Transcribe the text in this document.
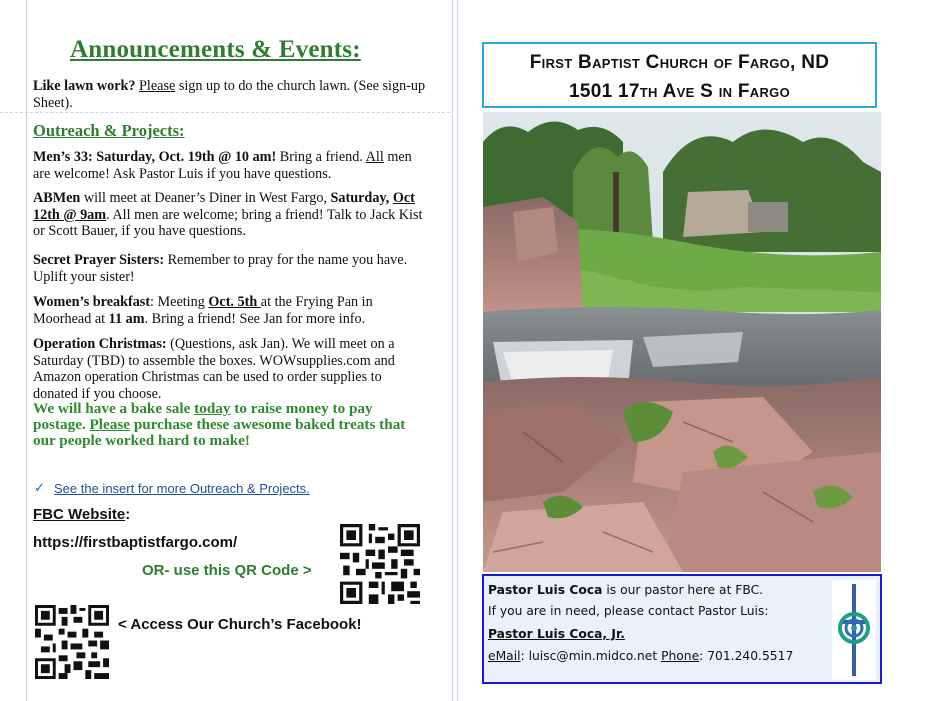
Announcements & Events:
Like lawn work? Please sign up to do the church lawn. (See sign-up Sheet).
Outreach & Projects:
Men’s 33: Saturday, Oct. 19th @ 10 am! Bring a friend. All men are welcome! Ask Pastor Luis if you have questions.
ABMen will meet at Deaner’s Diner in West Fargo, Saturday, Oct 12th @ 9am. All men are welcome; bring a friend! Talk to Jack Kist or Scott Bauer, if you have questions.
Secret Prayer Sisters: Remember to pray for the name you have. Uplift your sister!
Women’s breakfast: Meeting Oct. 5th at the Frying Pan in Moorhead at 11 am. Bring a friend! See Jan for more info.
Operation Christmas: (Questions, ask Jan). We will meet on a Saturday (TBD) to assemble the boxes. WOWsupplies.com and Amazon operation Christmas can be used to order supplies to donated if you choose.
We will have a bake sale today to raise money to pay postage. Please purchase these awesome baked treats that our people worked hard to make!
✓ See the insert for more Outreach & Projects.
FBC Website:
https://firstbaptistfargo.com/
OR- use this QR Code >
< Access Our Church’s Facebook!
First Baptist Church of Fargo, ND
1501 17th Ave S in Fargo
Pastor Luis Coca is our pastor here at FBC.
If you are in need, please contact Pastor Luis:
Pastor Luis Coca, Jr.
eMail: luisc@min.midco.net Phone: 701.240.5517
